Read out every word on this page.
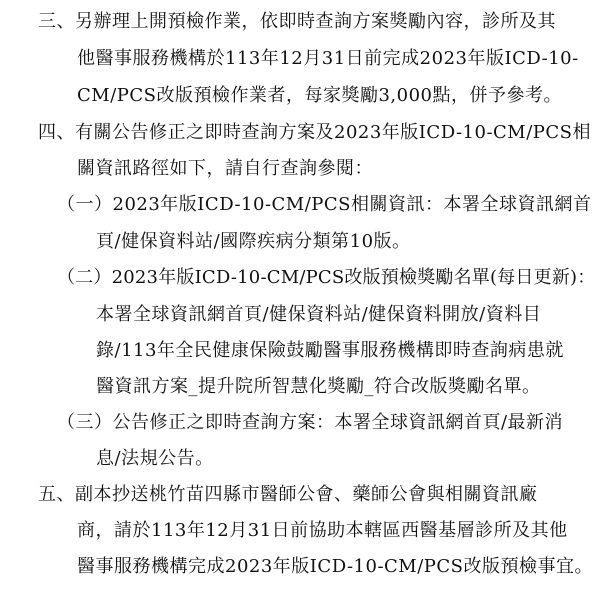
三、另辦理上開預檢作業，依即時查詢方案獎勵內容，診所及其
他醫事服務機構於113年12月31日前完成2023年版ICD-10-
CM/PCS改版預檢作業者，每家獎勵3,000點，併予參考。
四、有關公告修正之即時查詢方案及2023年版ICD-10-CM/PCS相
關資訊路徑如下，請自行查詢參閱：
（一）2023年版ICD-10-CM/PCS相關資訊：本署全球資訊網首
頁/健保資料站/國際疾病分類第10版。
（二）2023年版ICD-10-CM/PCS改版預檢獎勵名單(每日更新)：
本署全球資訊網首頁/健保資料站/健保資料開放/資料目
錄/113年全民健康保險鼓勵醫事服務機構即時查詢病患就
醫資訊方案_提升院所智慧化獎勵_符合改版獎勵名單。
（三）公告修正之即時查詢方案：本署全球資訊網首頁/最新消
息/法規公告。
五、副本抄送桃竹苗四縣市醫師公會、藥師公會與相關資訊廠
商，請於113年12月31日前協助本轄區西醫基層診所及其他
醫事服務機構完成2023年版ICD-10-CM/PCS改版預檢事宜。
